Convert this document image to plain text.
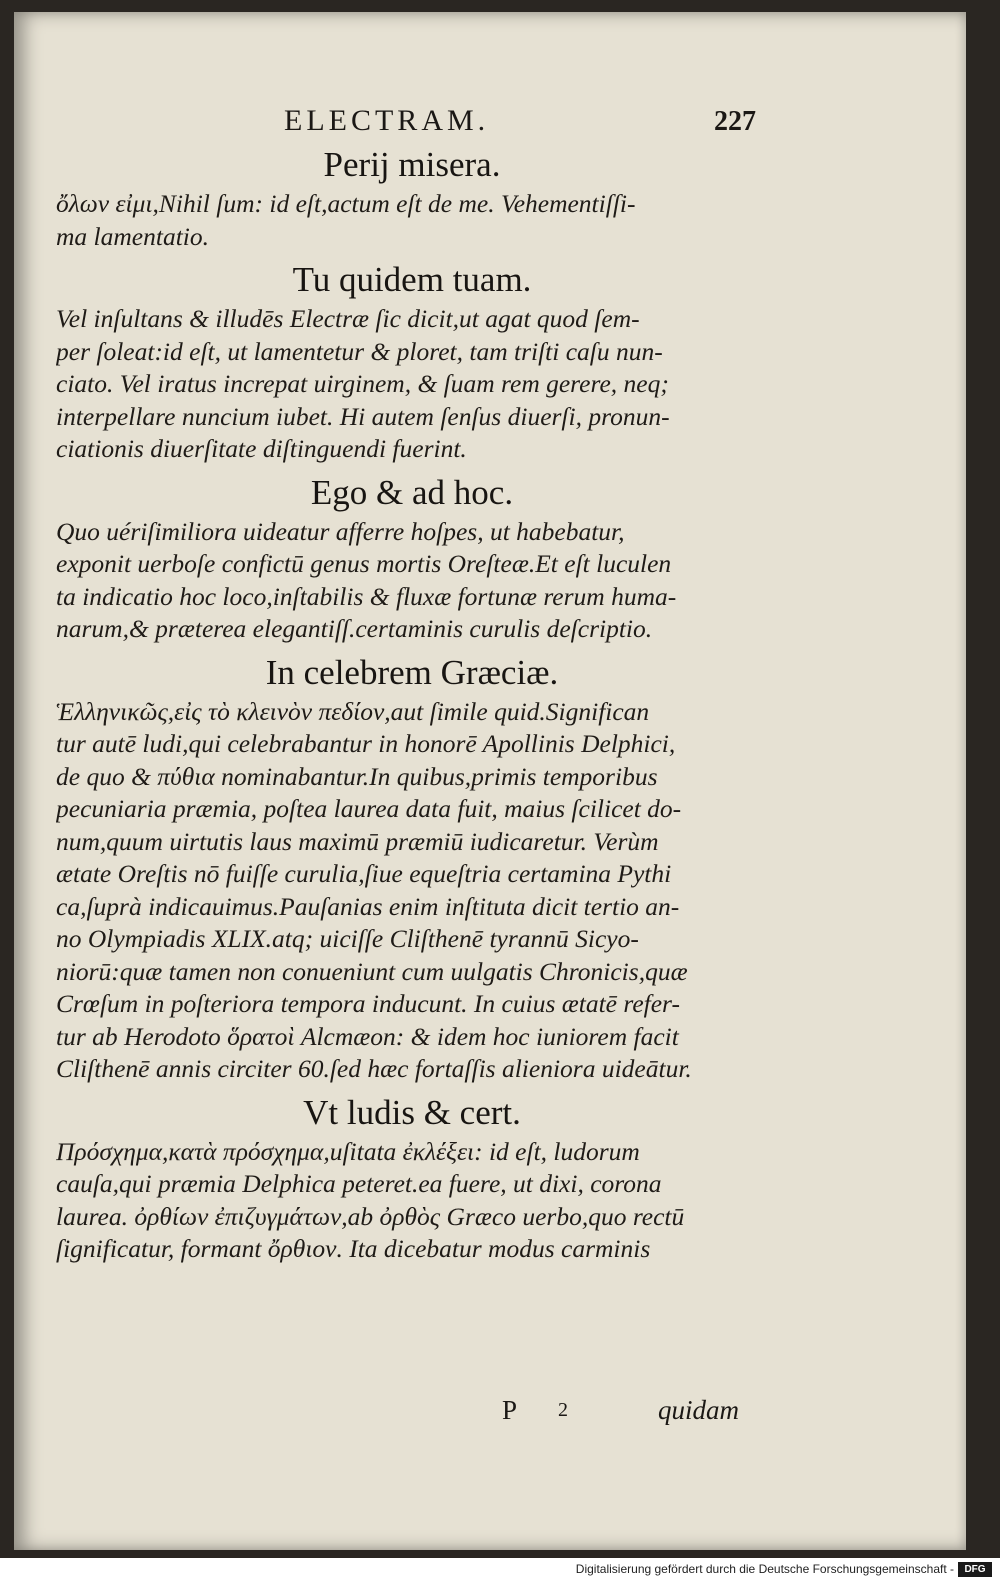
ELECTRAM.	227
Perij misera.
ὄλων εἰμι,Nihil ſum: id eſt,actum eſt de me. Vehementiſſi-
ma lamentatio.
Tu quidem tuam.
Vel inſultans & illudēs Electræ ſic dicit,ut agat quod ſem-
per ſoleat:id eſt, ut lamentetur & ploret, tam triſti caſu nun-
ciato. Vel iratus increpat uirginem, & ſuam rem gerere, neq;
interpellare nuncium iubet. Hi autem ſenſus diuerſi, pronun-
ciationis diuerſitate diſtinguendi fuerint.
Ego & ad hoc.
Quo uériſimiliora uideatur afferre hoſpes, ut habebatur,
exponit uerboſe confictū genus mortis Oreſteæ.Et eſt luculen
ta indicatio hoc loco,inſtabilis & fluxæ fortunæ rerum huma-
narum,& præterea elegantiſſ.certaminis curulis deſcriptio.
In celebrem Græciæ.
Ἑλληνικῶς,εἰς τὸ κλεινὸν πεδίον,aut ſimile quid.Significan
tur autē ludi,qui celebrabantur in honorē Apollinis Delphici,
de quo & πύθια nominabantur.In quibus,primis temporibus
pecuniaria præmia, poſtea laurea data fuit, maius ſcilicet do-
num,quum uirtutis laus maximū præmiū iudicaretur. Verùm
ætate Oreſtis nō fuiſſe curulia,ſiue equeſtria certamina Pythi
ca,ſuprà indicauimus.Pauſanias enim inſtituta dicit tertio an-
no Olympiadis XLIX.atq; uiciſſe Cliſthenē tyrannū Sicyo-
niorū:quæ tamen non conueniunt cum uulgatis Chronicis,quæ
Crœſum in poſteriora tempora inducunt. In cuius ætatē refer-
tur ab Herodoto ὅρατοὶ Alcmæon: & idem hoc iuniorem facit
Cliſthenē annis circiter 60.ſed hæc fortaſſis alieniora uideātur.
Vt ludis & cert.
Πρόσχημα,κατὰ πρόσχημα,uſitata ἐκλέξει: id eſt, ludorum
cauſa,qui præmia Delphica peteret.ea fuere, ut dixi, corona
laurea. ὀρθίων ἐπιζυγμάτων,ab ὀρθὸς Græco uerbo,quo rectū
ſignificatur, formant ὄρθιον. Ita dicebatur modus carminis
P 2	quidam
Digitalisierung gefördert durch die Deutsche Forschungsgemeinschaft -	DFG
